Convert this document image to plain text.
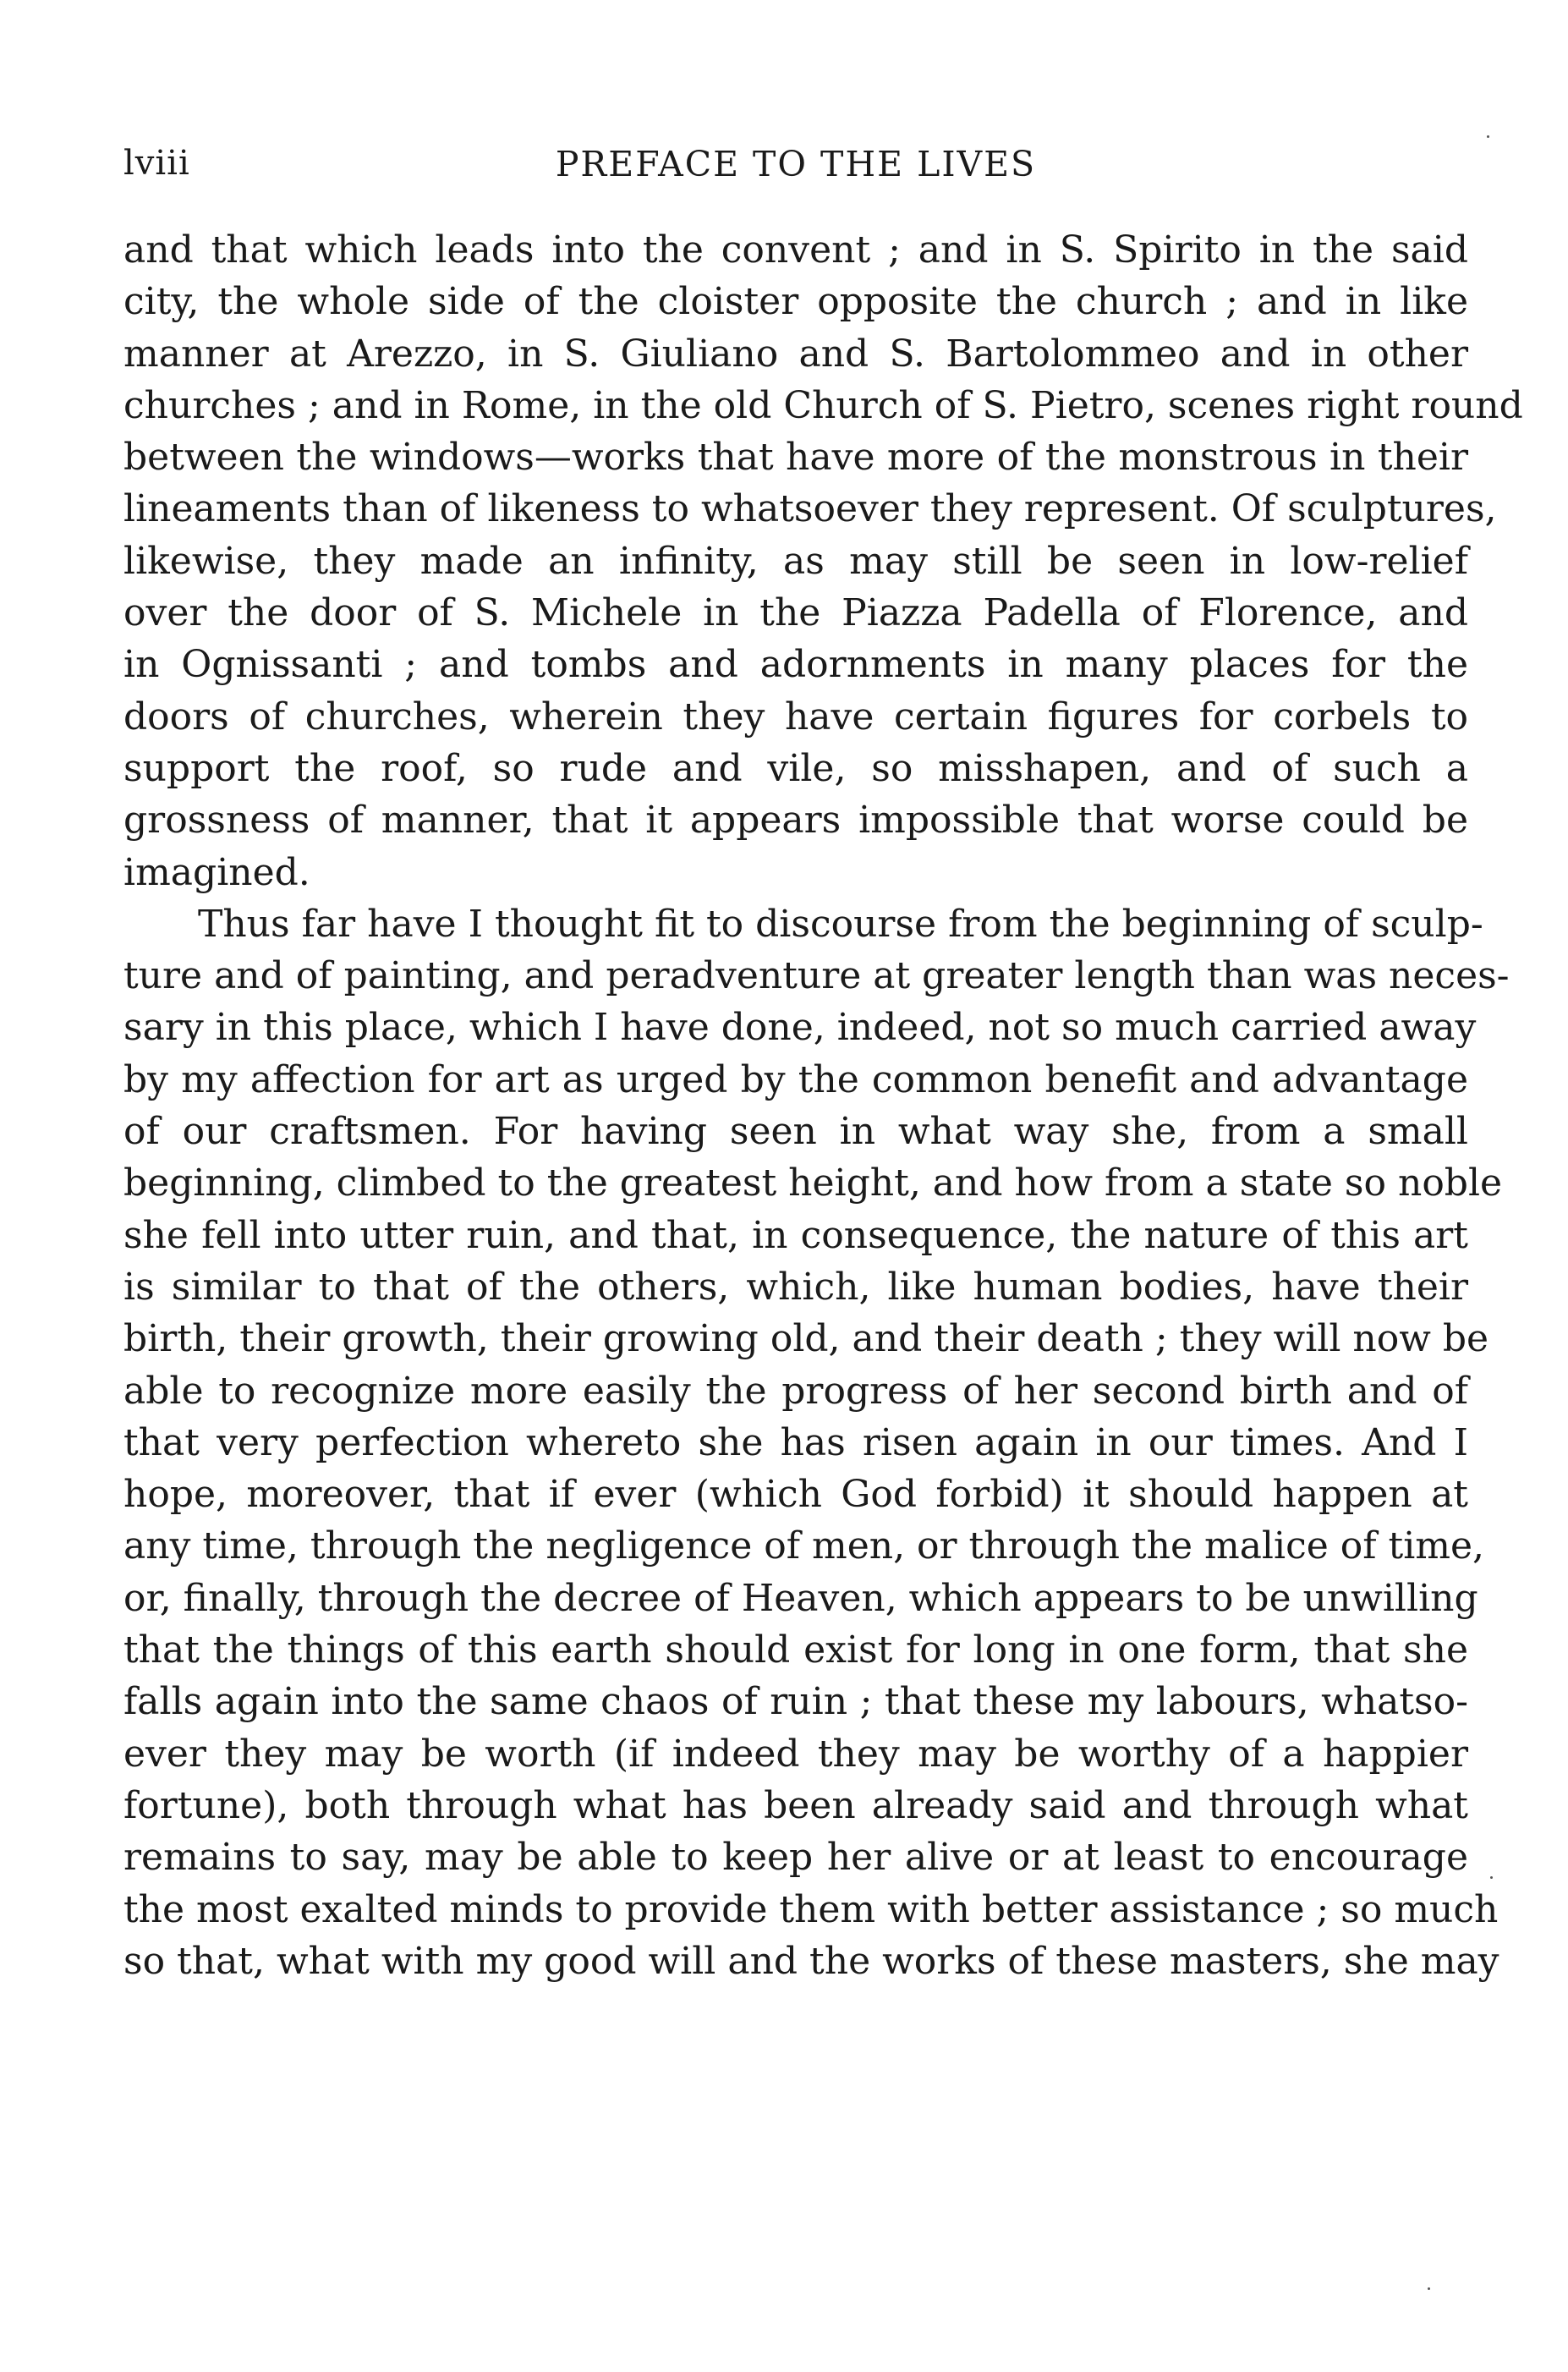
lviii	PREFACE TO THE LIVES

and that which leads into the convent ; and in S. Spirito in the said
city, the whole side of the cloister opposite the church ; and in like
manner at Arezzo, in S. Giuliano and S. Bartolommeo and in other
churches ; and in Rome, in the old Church of S. Pietro, scenes right round
between the windows—works that have more of the monstrous in their
lineaments than of likeness to whatsoever they represent. Of sculptures,
likewise, they made an infinity, as may still be seen in low-relief
over the door of S. Michele in the Piazza Padella of Florence, and
in Ognissanti ; and tombs and adornments in many places for the
doors of churches, wherein they have certain figures for corbels to
support the roof, so rude and vile, so misshapen, and of such a
grossness of manner, that it appears impossible that worse could be
imagined.

Thus far have I thought fit to discourse from the beginning of sculp-
ture and of painting, and peradventure at greater length than was neces-
sary in this place, which I have done, indeed, not so much carried away
by my affection for art as urged by the common benefit and advantage
of our craftsmen. For having seen in what way she, from a small
beginning, climbed to the greatest height, and how from a state so noble
she fell into utter ruin, and that, in consequence, the nature of this art
is similar to that of the others, which, like human bodies, have their
birth, their growth, their growing old, and their death ; they will now be
able to recognize more easily the progress of her second birth and of
that very perfection whereto she has risen again in our times. And I
hope, moreover, that if ever (which God forbid) it should happen at
any time, through the negligence of men, or through the malice of time,
or, finally, through the decree of Heaven, which appears to be unwilling
that the things of this earth should exist for long in one form, that she
falls again into the same chaos of ruin ; that these my labours, whatso-
ever they may be worth (if indeed they may be worthy of a happier
fortune), both through what has been already said and through what
remains to say, may be able to keep her alive or at least to encourage
the most exalted minds to provide them with better assistance ; so much
so that, what with my good will and the works of these masters, she may
